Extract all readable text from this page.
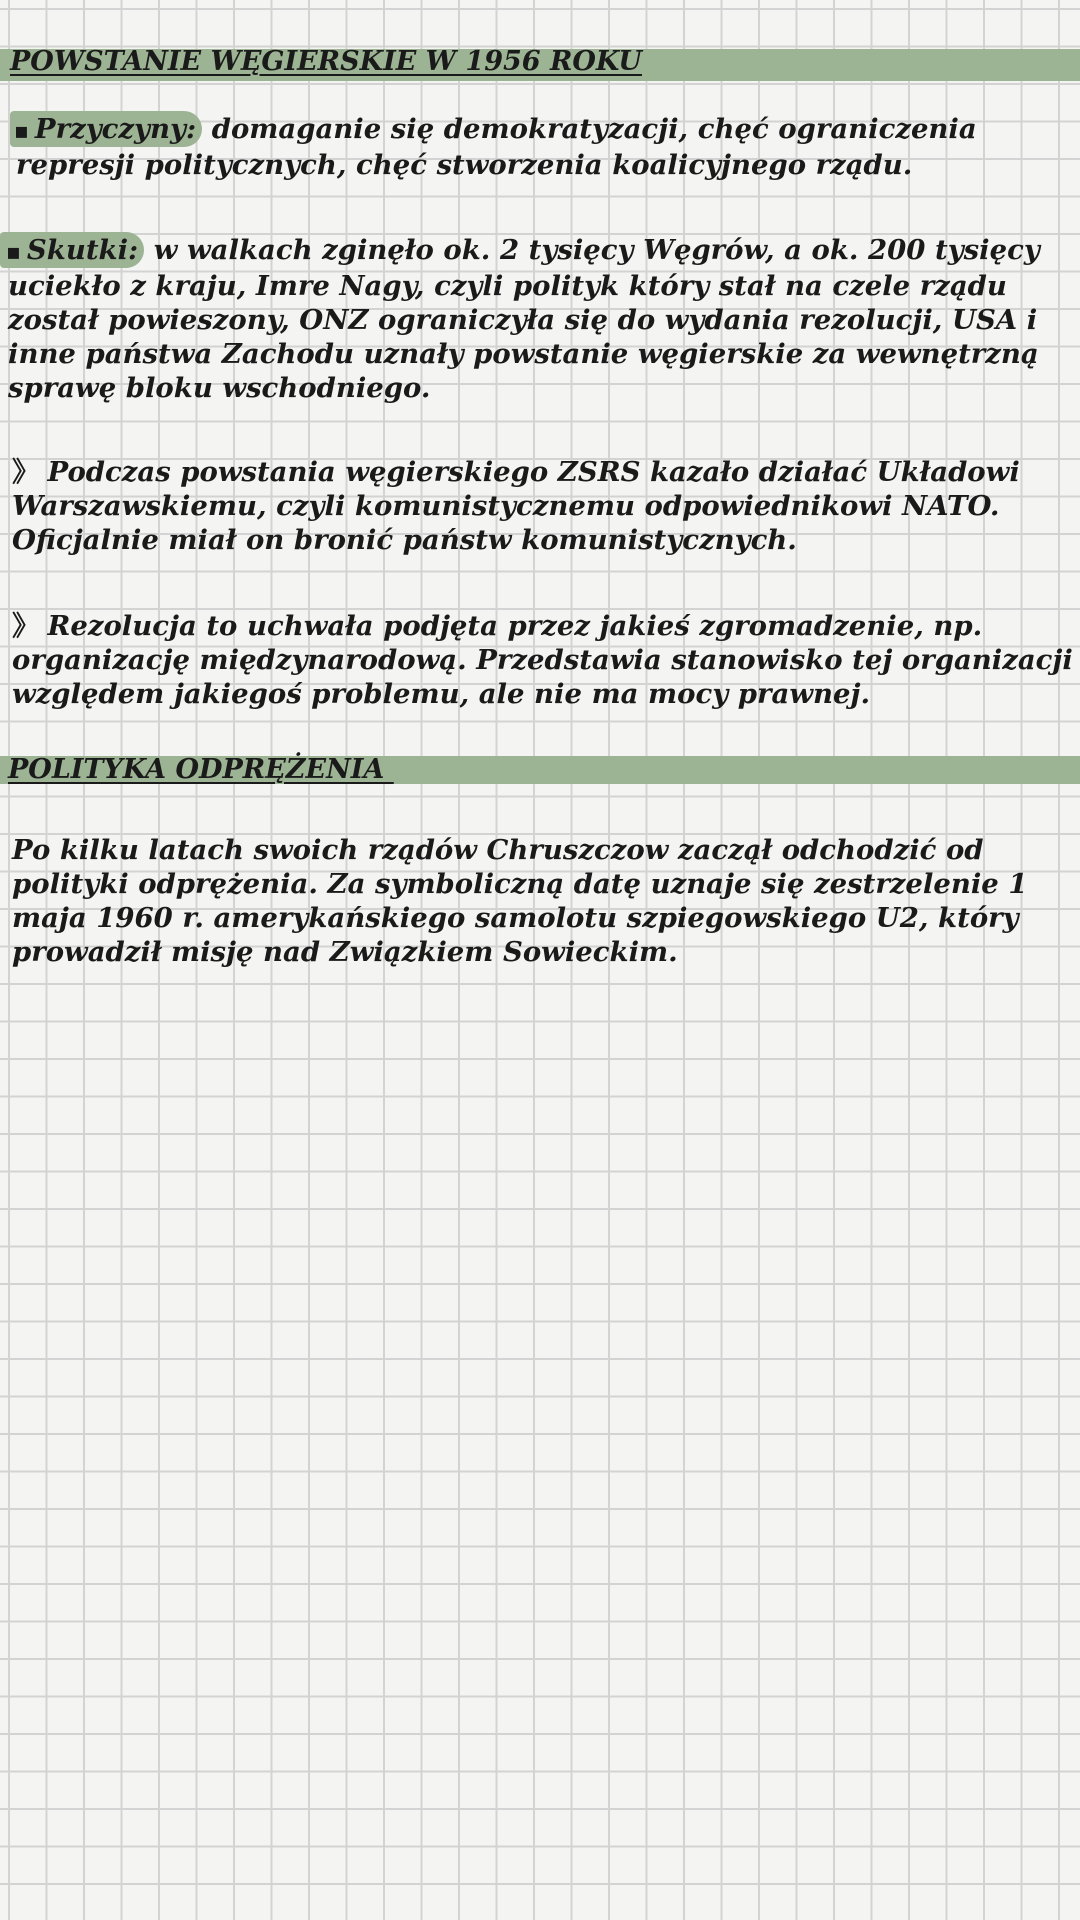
POWSTANIE WĘGIERSKIE W 1956 ROKU

▪ Przyczyny: domaganie się demokratyzacji, chęć ograniczenia represji politycznych, chęć stworzenia koalicyjnego rządu.

▪ Skutki: w walkach zginęło ok. 2 tysięcy Węgrów, a ok. 200 tysięcy uciekło z kraju, Imre Nagy, czyli polityk który stał na czele rządu został powieszony, ONZ ograniczyła się do wydania rezolucji, USA i inne państwa Zachodu uznały powstanie węgierskie za wewnętrzną sprawę bloku wschodniego.

》 Podczas powstania węgierskiego ZSRS kazało działać Układowi Warszawskiemu, czyli komunistycznemu odpowiednikowi NATO. Oficjalnie miał on bronić państw komunistycznych.

》 Rezolucja to uchwała podjęta przez jakieś zgromadzenie, np. organizację międzynarodową. Przedstawia stanowisko tej organizacji względem jakiegoś problemu, ale nie ma mocy prawnej.

POLITYKA ODPRĘŻENIA

Po kilku latach swoich rządów Chruszczow zaczął odchodzić od polityki odprężenia. Za symboliczną datę uznaje się zestrzelenie 1 maja 1960 r. amerykańskiego samolotu szpiegowskiego U2, który prowadził misję nad Związkiem Sowieckim.
